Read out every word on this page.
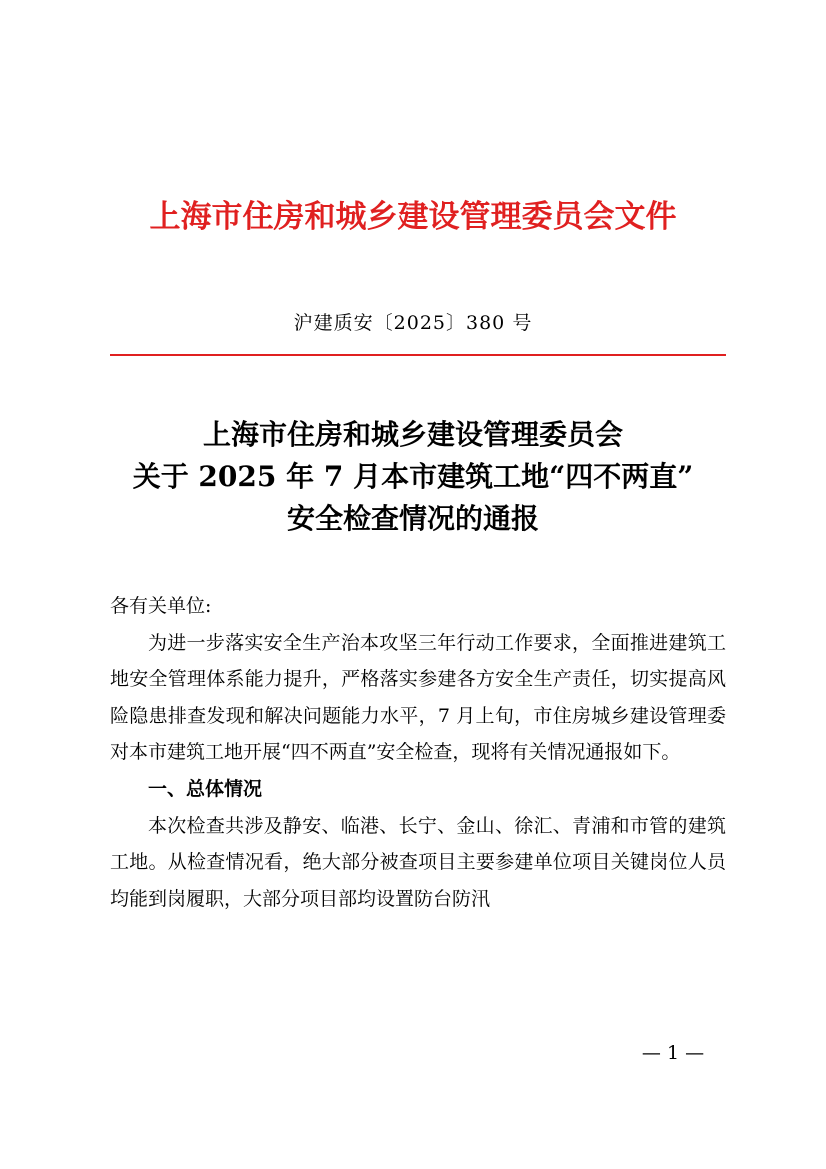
上海市住房和城乡建设管理委员会文件
沪建质安〔2025〕380 号
上海市住房和城乡建设管理委员会
关于 2025 年 7 月本市建筑工地“四不两直”
安全检查情况的通报

各有关单位:

为进一步落实安全生产治本攻坚三年行动工作要求，全面推进建筑工地安全管理体系能力提升，严格落实参建各方安全生产责任，切实提高风险隐患排查发现和解决问题能力水平，7 月上旬，市住房城乡建设管理委对本市建筑工地开展“四不两直”安全检查，现将有关情况通报如下。

一、总体情况

本次检查共涉及静安、临港、长宁、金山、徐汇、青浦和市管的建筑工地。从检查情况看，绝大部分被查项目主要参建单位项目关键岗位人员均能到岗履职，大部分项目部均设置防台防汛

— 1 —
